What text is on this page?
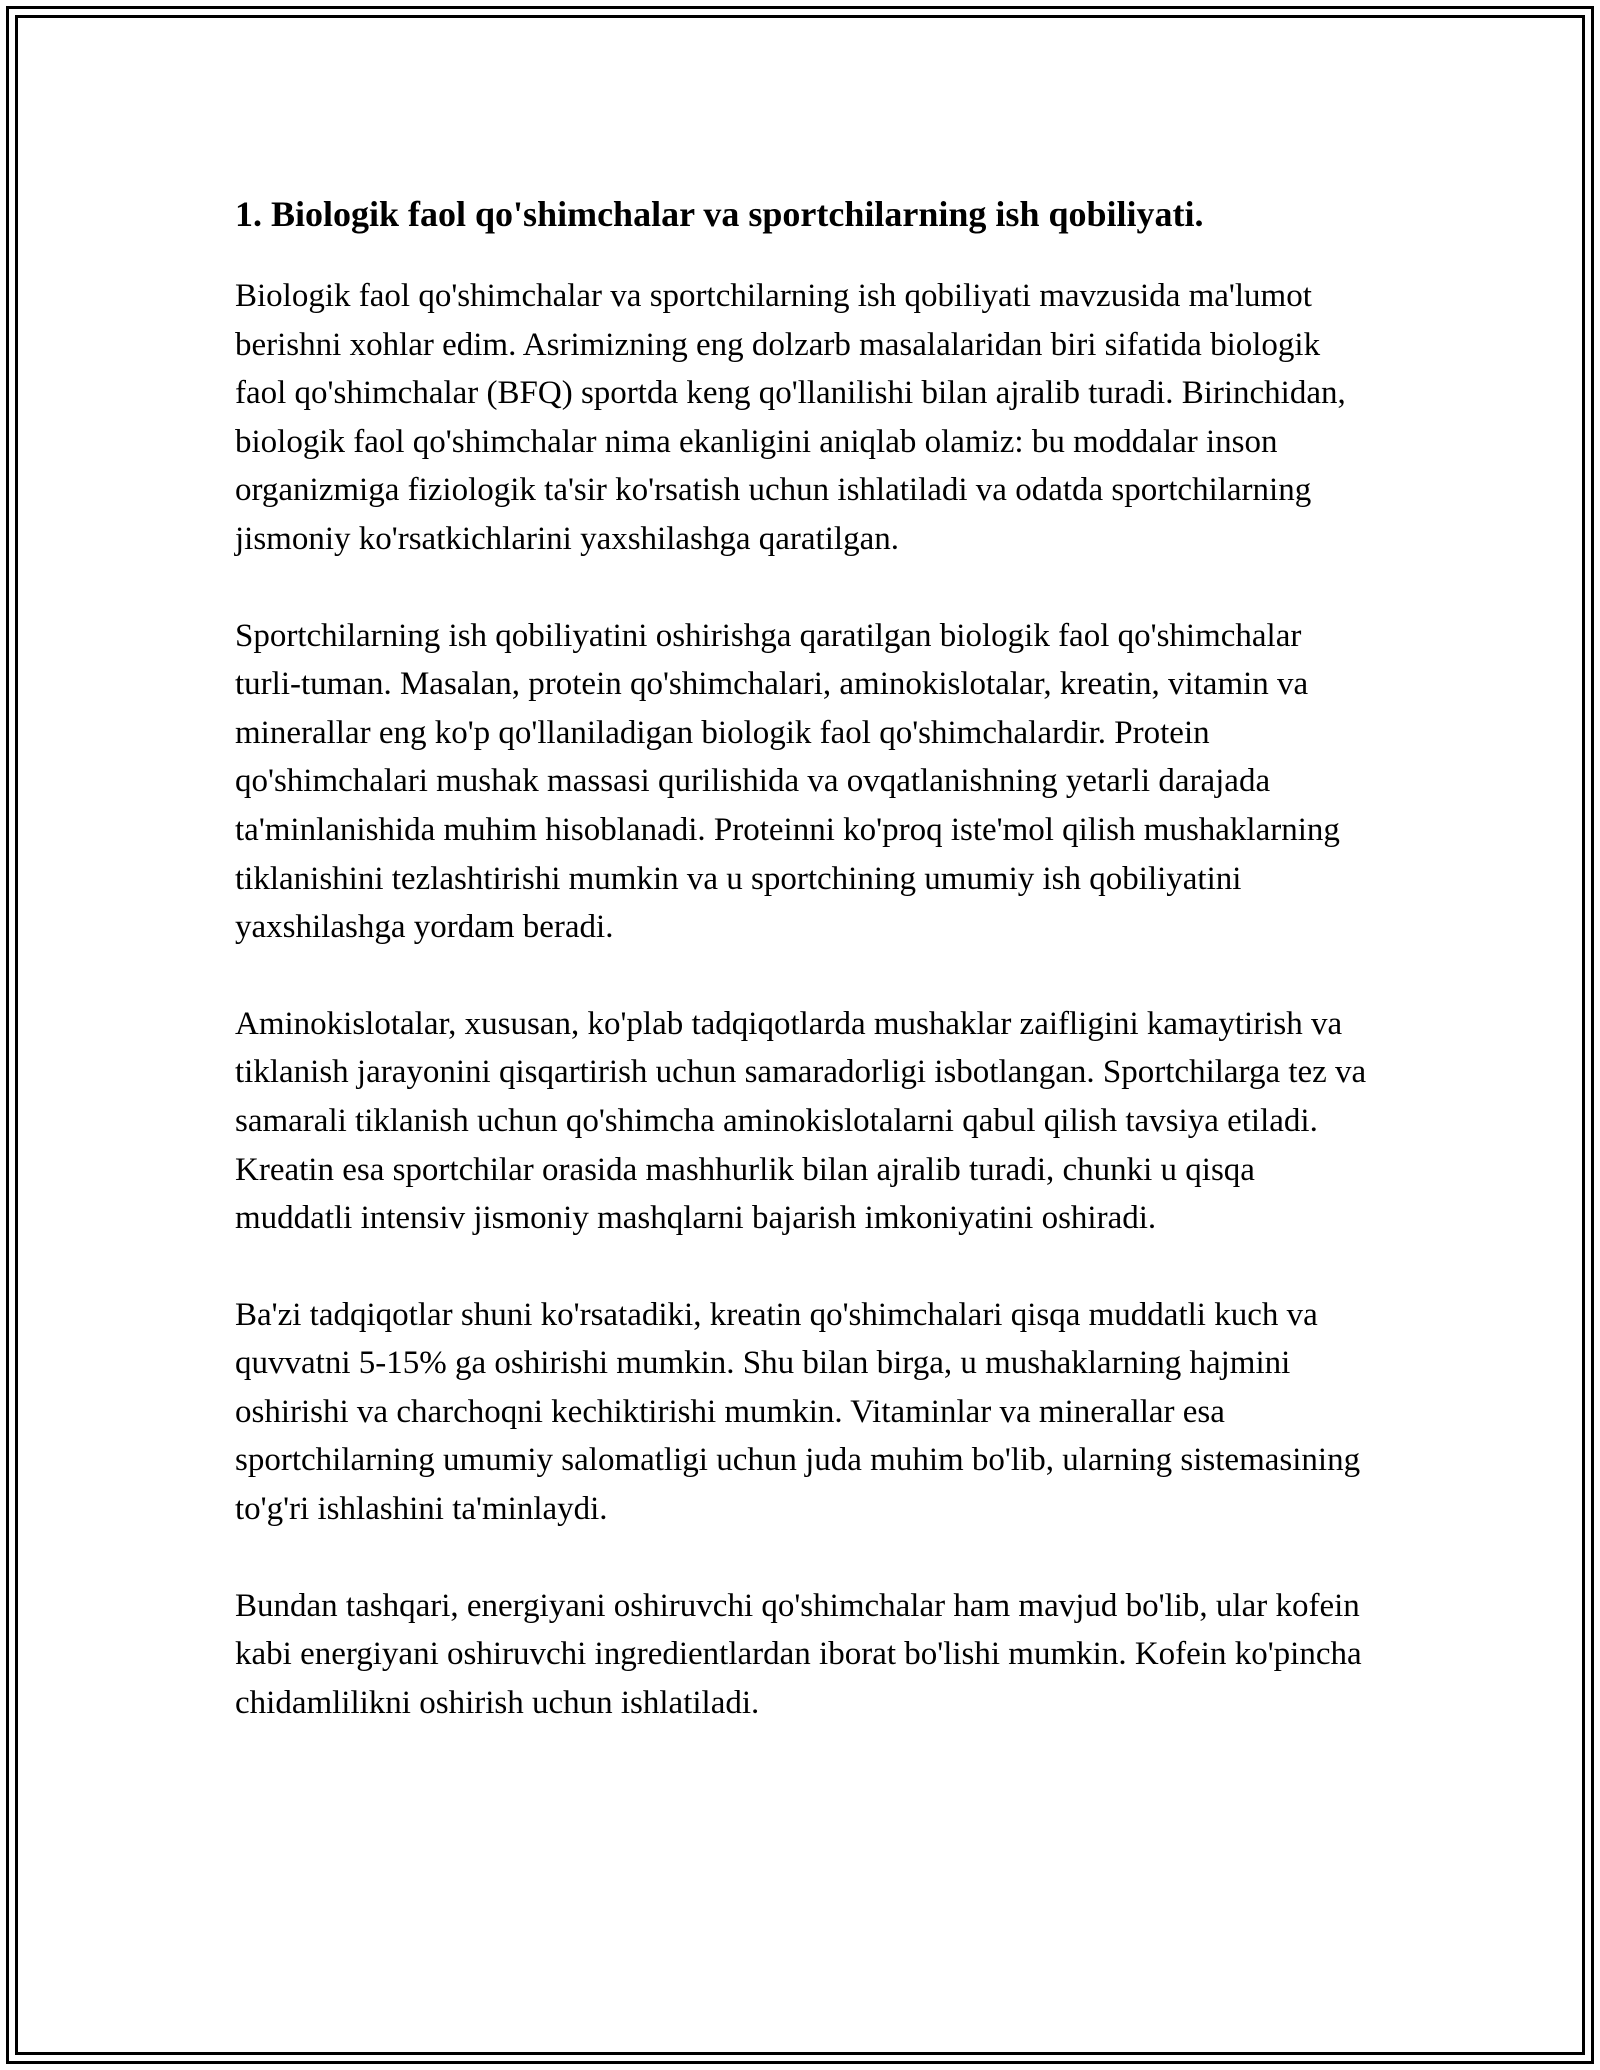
1. Biologik faol qo'shimchalar va sportchilarning ish qobiliyati.

Biologik faol qo'shimchalar va sportchilarning ish qobiliyati mavzusida ma'lumot berishni xohlar edim. Asrimizning eng dolzarb masalalaridan biri sifatida biologik faol qo'shimchalar (BFQ) sportda keng qo'llanilishi bilan ajralib turadi. Birinchidan, biologik faol qo'shimchalar nima ekanligini aniqlab olamiz: bu moddalar inson organizmiga fiziologik ta'sir ko'rsatish uchun ishlatiladi va odatda sportchilarning jismoniy ko'rsatkichlarini yaxshilashga qaratilgan.

Sportchilarning ish qobiliyatini oshirishga qaratilgan biologik faol qo'shimchalar turli-tuman. Masalan, protein qo'shimchalari, aminokislotalar, kreatin, vitamin va minerallar eng ko'p qo'llaniladigan biologik faol qo'shimchalardir. Protein qo'shimchalari mushak massasi qurilishida va ovqatlanishning yetarli darajada ta'minlanishida muhim hisoblanadi. Proteinni ko'proq iste'mol qilish mushaklarning tiklanishini tezlashtirishi mumkin va u sportchining umumiy ish qobiliyatini yaxshilashga yordam beradi.

Aminokislotalar, xususan, ko'plab tadqiqotlarda mushaklar zaifligini kamaytirish va tiklanish jarayonini qisqartirish uchun samaradorligi isbotlangan. Sportchilarga tez va samarali tiklanish uchun qo'shimcha aminokislotalarni qabul qilish tavsiya etiladi. Kreatin esa sportchilar orasida mashhurlik bilan ajralib turadi, chunki u qisqa muddatli intensiv jismoniy mashqlarni bajarish imkoniyatini oshiradi.

Ba'zi tadqiqotlar shuni ko'rsatadiki, kreatin qo'shimchalari qisqa muddatli kuch va quvvatni 5-15% ga oshirishi mumkin. Shu bilan birga, u mushaklarning hajmini oshirishi va charchoqni kechiktirishi mumkin. Vitaminlar va minerallar esa sportchilarning umumiy salomatligi uchun juda muhim bo'lib, ularning sistemasining to'g'ri ishlashini ta'minlaydi.

Bundan tashqari, energiyani oshiruvchi qo'shimchalar ham mavjud bo'lib, ular kofein kabi energiyani oshiruvchi ingredientlardan iborat bo'lishi mumkin. Kofein ko'pincha chidamlilikni oshirish uchun ishlatiladi.
